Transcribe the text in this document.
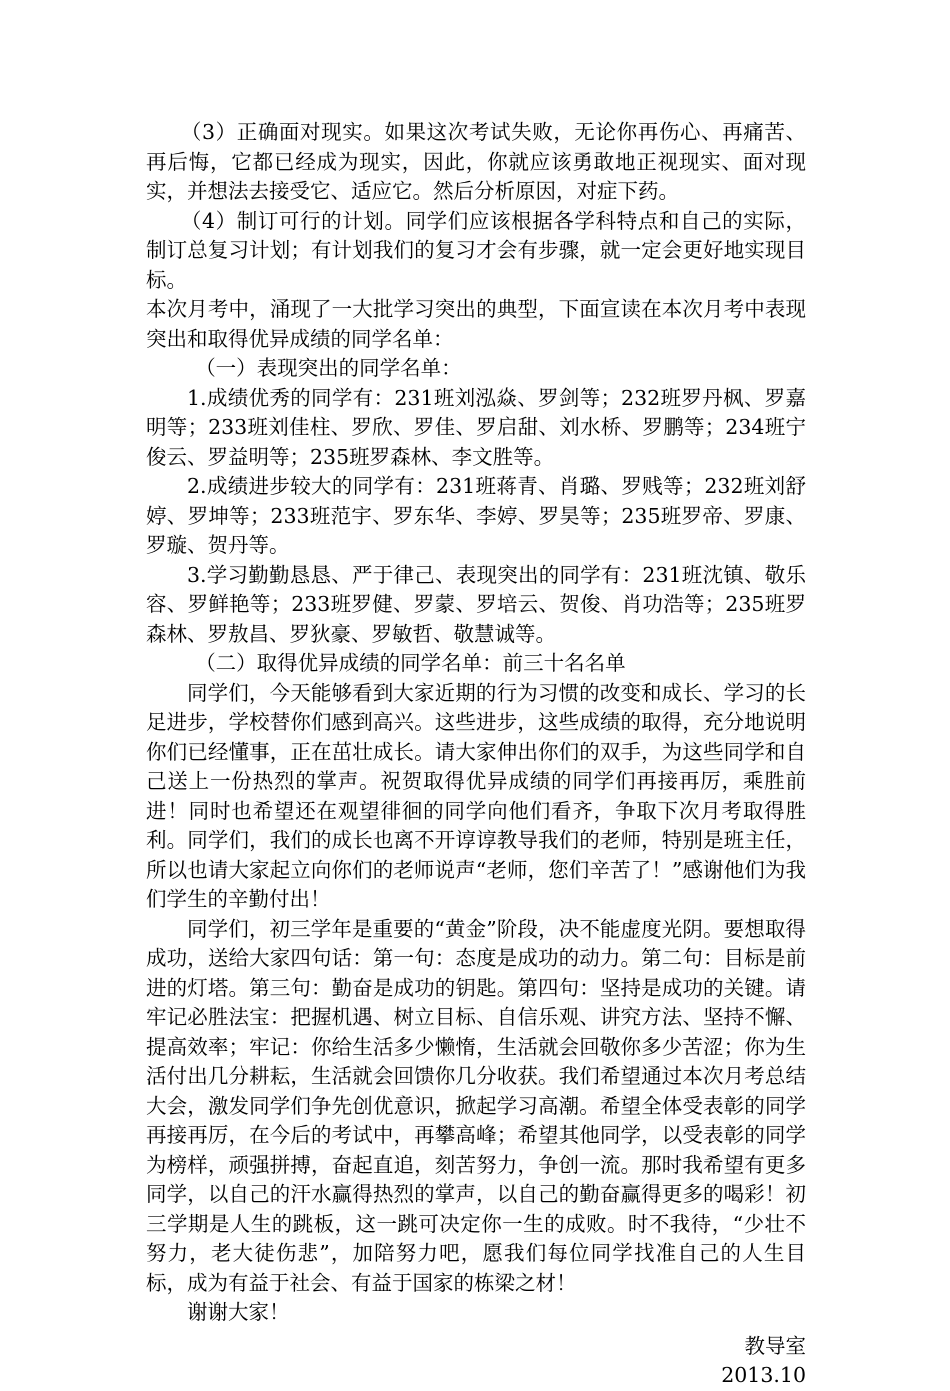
（3）正确面对现实。如果这次考试失败，无论你再伤心、再痛苦、再后悔，它都已经成为现实，因此，你就应该勇敢地正视现实、面对现实，并想法去接受它、适应它。然后分析原因，对症下药。

（4）制订可行的计划。同学们应该根据各学科特点和自己的实际，制订总复习计划；有计划我们的复习才会有步骤，就一定会更好地实现目标。

本次月考中，涌现了一大批学习突出的典型，下面宣读在本次月考中表现突出和取得优异成绩的同学名单：

（一）表现突出的同学名单：

1.成绩优秀的同学有：231班刘泓焱、罗剑等；232班罗丹枫、罗嘉明等；233班刘佳柱、罗欣、罗佳、罗启甜、刘水桥、罗鹏等；234班宁俊云、罗益明等；235班罗森林、李文胜等。

2.成绩进步较大的同学有：231班蒋青、肖璐、罗贱等；232班刘舒婷、罗坤等；233班范宇、罗东华、李婷、罗昊等；235班罗帝、罗康、罗璇、贺丹等。

3.学习勤勤恳恳、严于律己、表现突出的同学有：231班沈镇、敬乐容、罗鲜艳等；233班罗健、罗蒙、罗培云、贺俊、肖功浩等；235班罗森林、罗敖昌、罗狄豪、罗敏哲、敬慧诚等。

（二）取得优异成绩的同学名单：前三十名名单

同学们，今天能够看到大家近期的行为习惯的改变和成长、学习的长足进步，学校替你们感到高兴。这些进步，这些成绩的取得，充分地说明你们已经懂事，正在茁壮成长。请大家伸出你们的双手，为这些同学和自己送上一份热烈的掌声。祝贺取得优异成绩的同学们再接再厉，乘胜前进！同时也希望还在观望徘徊的同学向他们看齐，争取下次月考取得胜利。同学们，我们的成长也离不开谆谆教导我们的老师，特别是班主任，所以也请大家起立向你们的老师说声“老师，您们辛苦了！”感谢他们为我们学生的辛勤付出！

同学们，初三学年是重要的“黄金”阶段，决不能虚度光阴。要想取得成功，送给大家四句话：第一句：态度是成功的动力。第二句：目标是前进的灯塔。第三句：勤奋是成功的钥匙。第四句：坚持是成功的关键。请牢记必胜法宝：把握机遇、树立目标、自信乐观、讲究方法、坚持不懈、提高效率；牢记：你给生活多少懒惰，生活就会回敬你多少苦涩；你为生活付出几分耕耘，生活就会回馈你几分收获。我们希望通过本次月考总结大会，激发同学们争先创优意识，掀起学习高潮。希望全体受表彰的同学再接再厉，在今后的考试中，再攀高峰；希望其他同学，以受表彰的同学为榜样，顽强拼搏，奋起直追，刻苦努力，争创一流。那时我希望有更多同学，以自己的汗水赢得热烈的掌声，以自己的勤奋赢得更多的喝彩！初三学期是人生的跳板，这一跳可决定你一生的成败。时不我待，“少壮不努力，老大徒伤悲”，加陪努力吧，愿我们每位同学找准自己的人生目标，成为有益于社会、有益于国家的栋梁之材！

谢谢大家！

教导室
2013.10
